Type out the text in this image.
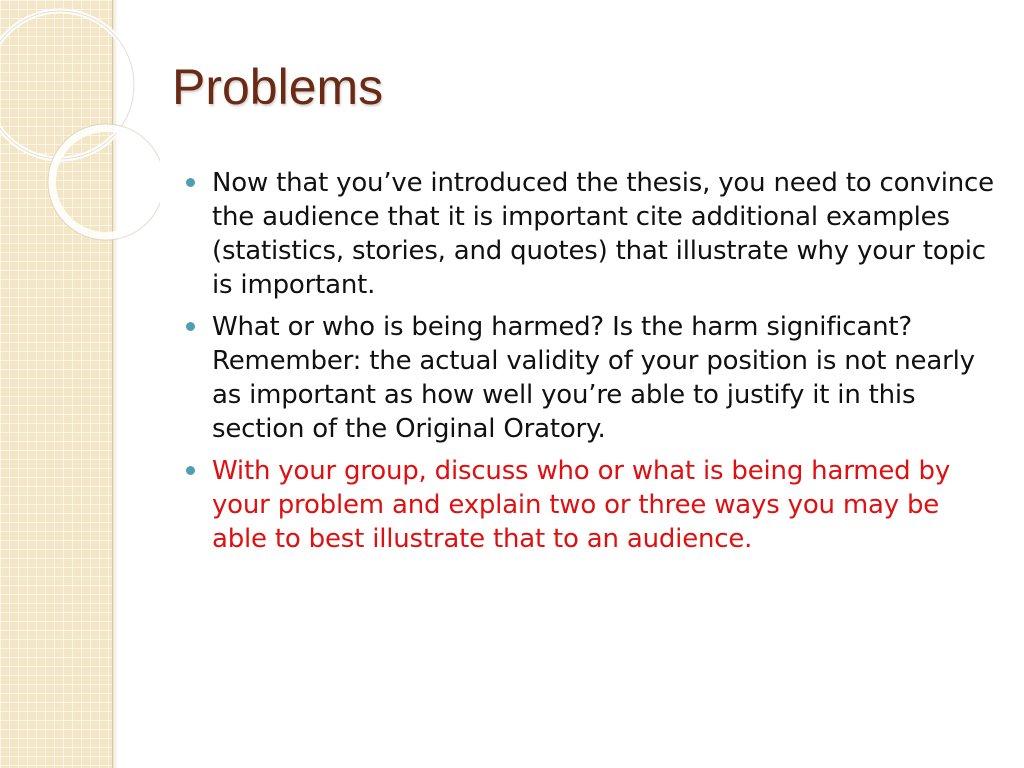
Problems
Now that you’ve introduced the thesis, you need to convince the audience that it is important cite additional examples (statistics, stories, and quotes) that illustrate why your topic is important.
What or who is being harmed? Is the harm significant? Remember: the actual validity of your position is not nearly as important as how well you’re able to justify it in this section of the Original Oratory.
With your group, discuss who or what is being harmed by your problem and explain two or three ways you may be able to best illustrate that to an audience.
